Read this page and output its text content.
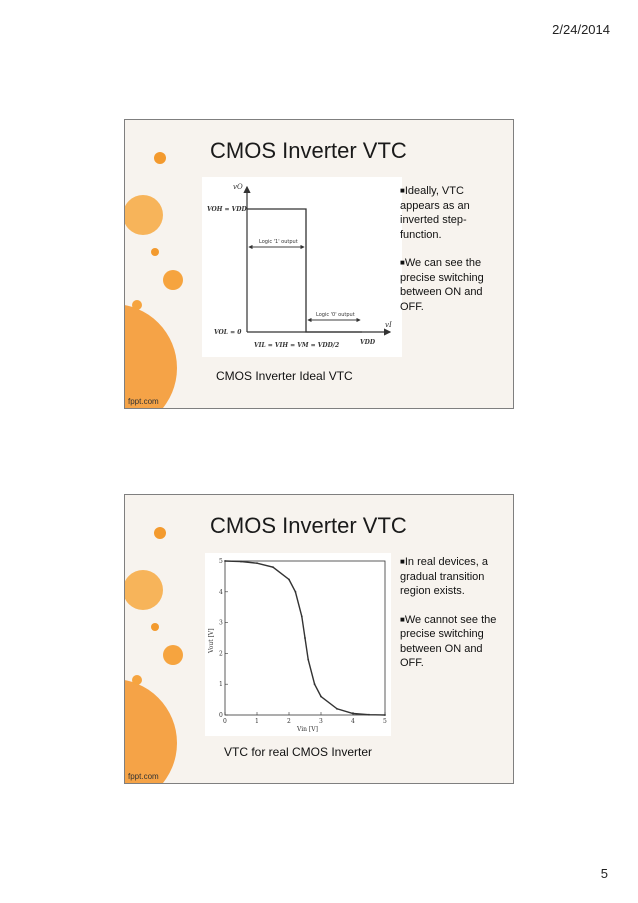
2/24/2014
CMOS Inverter VTC
vO
vI
VOH = VDD
VOL = 0
VDD
VIL = VIH = VM = VDD/2
Logic '1' output
Logic '0' output
■Ideally, VTC appears as an inverted step-function.
■We can see the precise switching between ON and OFF.
CMOS Inverter Ideal VTC
fppt.com
CMOS Inverter VTC
0	1	2	3	4	5
0
1
2
3
4
5
Vin [V]
Vout [V]
■In real devices, a gradual transition region exists.
■We cannot see the precise switching between ON and OFF.
VTC for real CMOS Inverter
fppt.com
5
